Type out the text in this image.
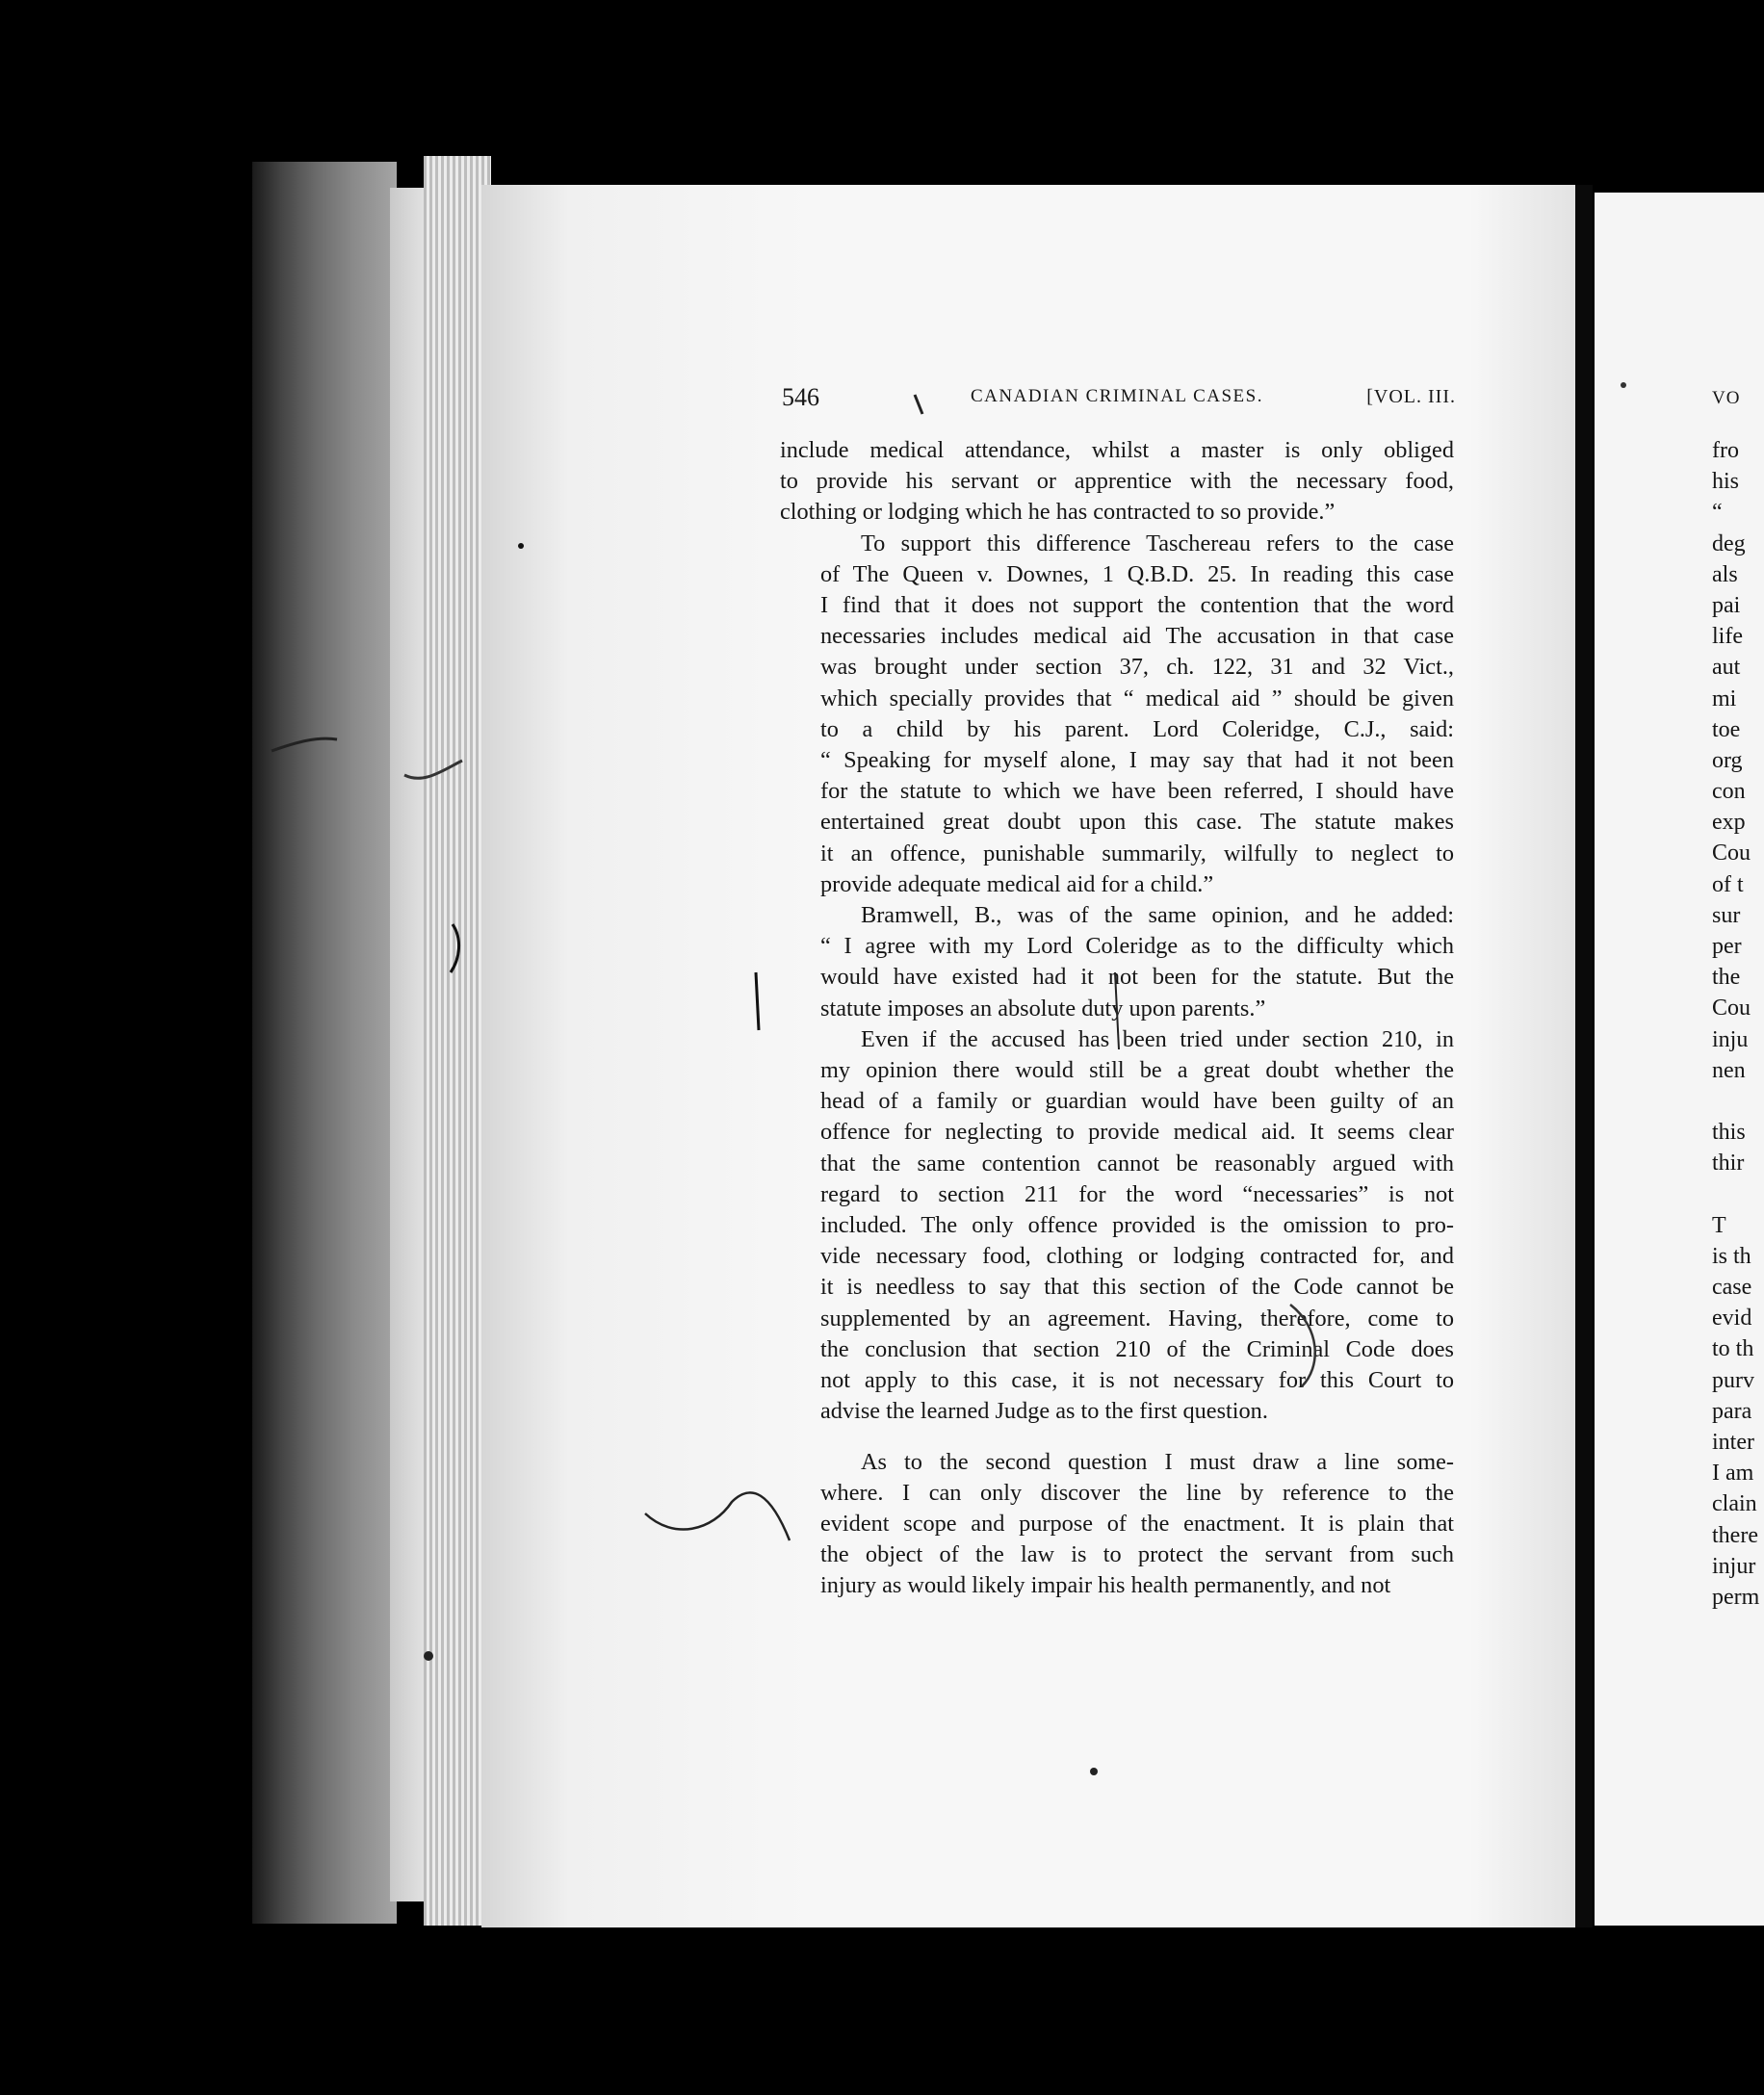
546	CANADIAN CRIMINAL CASES.	[VOL. III.
include medical attendance, whilst a master is only obliged
to provide his servant or apprentice with the necessary food,
clothing or lodging which he has contracted to so provide.”
To support this difference Taschereau refers to the case
of The Queen v. Downes, 1 Q.B.D. 25. In reading this case
I find that it does not support the contention that the word
necessaries includes medical aid The accusation in that case
was brought under section 37, ch. 122, 31 and 32 Vict.,
which specially provides that “ medical aid ” should be given
to a child by his parent. Lord Coleridge, C.J., said:
“ Speaking for myself alone, I may say that had it not been
for the statute to which we have been referred, I should have
entertained great doubt upon this case. The statute makes
it an offence, punishable summarily, wilfully to neglect to
provide adequate medical aid for a child.”
Bramwell, B., was of the same opinion, and he added:
“ I agree with my Lord Coleridge as to the difficulty which
would have existed had it not been for the statute. But the
statute imposes an absolute duty upon parents.”
Even if the accused has been tried under section 210, in
my opinion there would still be a great doubt whether the
head of a family or guardian would have been guilty of an
offence for neglecting to provide medical aid. It seems clear
that the same contention cannot be reasonably argued with
regard to section 211 for the word “necessaries” is not
included. The only offence provided is the omission to pro-
vide necessary food, clothing or lodging contracted for, and
it is needless to say that this section of the Code cannot be
supplemented by an agreement. Having, therefore, come to
the conclusion that section 210 of the Criminal Code does
not apply to this case, it is not necessary for this Court to
advise the learned Judge as to the first question.
As to the second question I must draw a line some-
where. I can only discover the line by reference to the
evident scope and purpose of the enactment. It is plain that
the object of the law is to protect the servant from such
injury as would likely impair his health permanently, and not
VO
fro
his
“
deg
als
pai
life
aut
mi
toe
org
con
exp
Cou
of t
sur
per
the
Cou
inju
nen
this
thir
T
is th
case
evid
to th
purv
para
inter
I am
clain
there
injur
perm
